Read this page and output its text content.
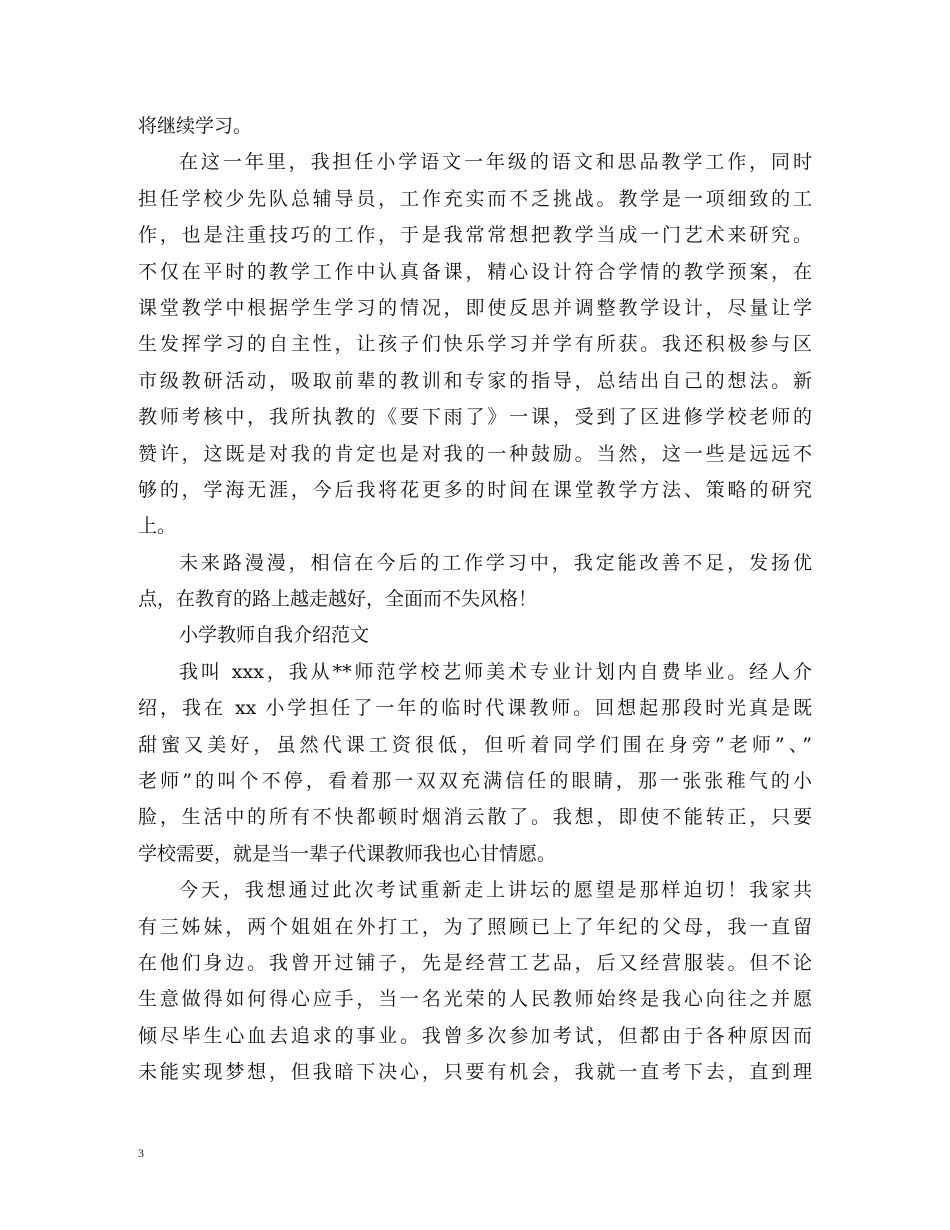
将继续学习。
在这一年里，我担任小学语文一年级的语文和思品教学工作，同时
担任学校少先队总辅导员，工作充实而不乏挑战。教学是一项细致的工
作，也是注重技巧的工作，于是我常常想把教学当成一门艺术来研究。
不仅在平时的教学工作中认真备课，精心设计符合学情的教学预案，在
课堂教学中根据学生学习的情况，即使反思并调整教学设计，尽量让学
生发挥学习的自主性，让孩子们快乐学习并学有所获。我还积极参与区
市级教研活动，吸取前辈的教训和专家的指导，总结出自己的想法。新
教师考核中，我所执教的《要下雨了》一课，受到了区进修学校老师的
赞许，这既是对我的肯定也是对我的一种鼓励。当然，这一些是远远不
够的，学海无涯，今后我将花更多的时间在课堂教学方法、策略的研究
上。
未来路漫漫，相信在今后的工作学习中，我定能改善不足，发扬优
点，在教育的路上越走越好，全面而不失风格！
小学教师自我介绍范文
我叫 xxx，我从**师范学校艺师美术专业计划内自费毕业。经人介
绍，我在 xx 小学担任了一年的临时代课教师。回想起那段时光真是既
甜蜜又美好，虽然代课工资很低，但听着同学们围在身旁”老师”、”
老师”的叫个不停，看着那一双双充满信任的眼睛，那一张张稚气的小
脸，生活中的所有不快都顿时烟消云散了。我想，即使不能转正，只要
学校需要，就是当一辈子代课教师我也心甘情愿。
今天，我想通过此次考试重新走上讲坛的愿望是那样迫切！我家共
有三姊妹，两个姐姐在外打工，为了照顾已上了年纪的父母，我一直留
在他们身边。我曾开过铺子，先是经营工艺品，后又经营服装。但不论
生意做得如何得心应手，当一名光荣的人民教师始终是我心向往之并愿
倾尽毕生心血去追求的事业。我曾多次参加考试，但都由于各种原因而
未能实现梦想，但我暗下决心，只要有机会，我就一直考下去，直到理
3
